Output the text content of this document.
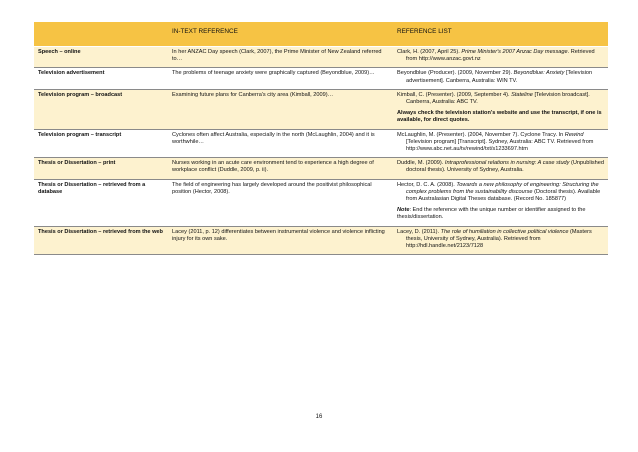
	IN-TEXT REFERENCE	REFERENCE LIST
Speech – online	In her ANZAC Day speech (Clark, 2007), the Prime Minister of New Zealand referred to…	Clark, H. (2007, April 25). Prime Minister's 2007 Anzac Day message. Retrieved from http://www.anzac.govt.nz

Television advertisement	The problems of teenage anxiety were graphically captured (Beyondblue, 2009)…	Beyondblue (Producer). (2009, November 29). Beyondblue: Anxiety [Television advertisement]. Canberra, Australia: WIN TV.

Television program – broadcast	Examining future plans for Canberra's city area (Kimball, 2009)…	Kimball, C. (Presenter). (2009, September 4). Stateline [Television broadcast]. Canberra, Australia: ABC TV.

Always check the television station's website and use the transcript, if one is available, for direct quotes.

Television program – transcript	Cyclones often affect Australia, especially in the north (McLaughlin, 2004) and it is worthwhile…	McLaughlin, M. (Presenter). (2004, November 7). Cyclone Tracy. In Rewind [Television program] [Transcript]. Sydney, Australia: ABC TV. Retrieved from http://www.abc.net.au/tv/rewind/txt/s1233697.htm

Thesis or Dissertation – print	Nurses working in an acute care environment tend to experience a high degree of workplace conflict (Duddle, 2009, p. ii).	Duddle, M. (2009). Intraprofessional relations in nursing: A case study (Unpublished doctoral thesis). University of Sydney, Australia.

Thesis or Dissertation – retrieved from a database	The field of engineering has largely developed around the positivist philosophical position (Hector, 2008).	Hector, D. C. A. (2008). Towards a new philosophy of engineering: Structuring the complex problems from the sustainability discourse (Doctoral thesis). Available from Australasian Digital Theses database. (Record No. 185877)

Note: End the reference with the unique number or identifier assigned to the thesis/dissertation.

Thesis or Dissertation – retrieved from the web	Lacey (2011, p. 12) differentiates between instrumental violence and violence inflicting injury for its own sake.	Lacey, D. (2011). The role of humiliation in collective political violence (Masters thesis, University of Sydney, Australia). Retrieved from http://hdl.handle.net/2123/7128

16
